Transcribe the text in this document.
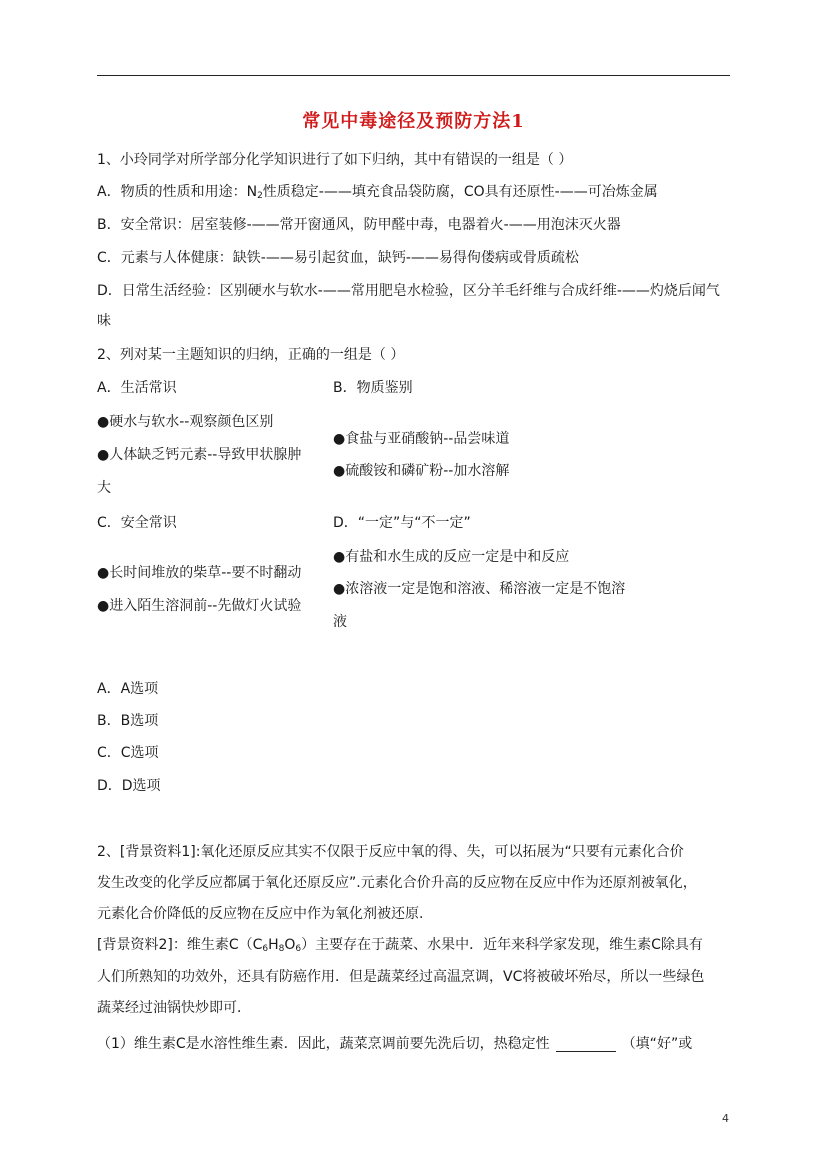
常见中毒途径及预防方法1
1、小玲同学对所学部分化学知识进行了如下归纳，其中有错误的一组是（ ）
A．物质的性质和用途：$N_2$性质稳定-——填充食品袋防腐，CO具有还原性-——可冶炼金属
B．安全常识：居室装修-——常开窗通风，防甲醛中毒，电器着火-——用泡沫灭火器
C．元素与人体健康：缺铁-——易引起贫血，缺钙-——易得佝偻病或骨质疏松
D．日常生活经验：区别硬水与软水-——常用肥皂水检验，区分羊毛纤维与合成纤维-——灼烧后闻气
味
2、列对某一主题知识的归纳，正确的一组是（ ）
A．生活常识	B．物质鉴别
●硬水与软水--观察颜色区别
●食盐与亚硝酸钠--品尝味道
●人体缺乏钙元素--导致甲状腺肿
●硫酸铵和磷矿粉--加水溶解
大
C．安全常识	D．“一定”与“不一定”
●有盐和水生成的反应一定是中和反应
●长时间堆放的柴草--要不时翻动
●浓溶液一定是饱和溶液、稀溶液一定是不饱溶
●进入陌生溶洞前--先做灯火试验
液
A．A选项
B．B选项
C．C选项
D．D选项
2、[背景资料1]:氧化还原反应其实不仅限于反应中氧的得、失，可以拓展为“只要有元素化合价
发生改变的化学反应都属于氧化还原反应”.元素化合价升高的反应物在反应中作为还原剂被氧化，
元素化合价降低的反应物在反应中作为氧化剂被还原.
[背景资料2]：维生素$C(C_6H_8O_6)$主要存在于蔬菜、水果中．近年来科学家发现，维生素C除具有
人们所熟知的功效外，还具有防癌作用．但是蔬菜经过高温烹调，VC将被破坏殆尽，所以一些绿色
蔬菜经过油锅快炒即可．
（1）维生素C是水溶性维生素．因此，蔬菜烹调前要先洗后切，热稳定性	（填“好”或
4
